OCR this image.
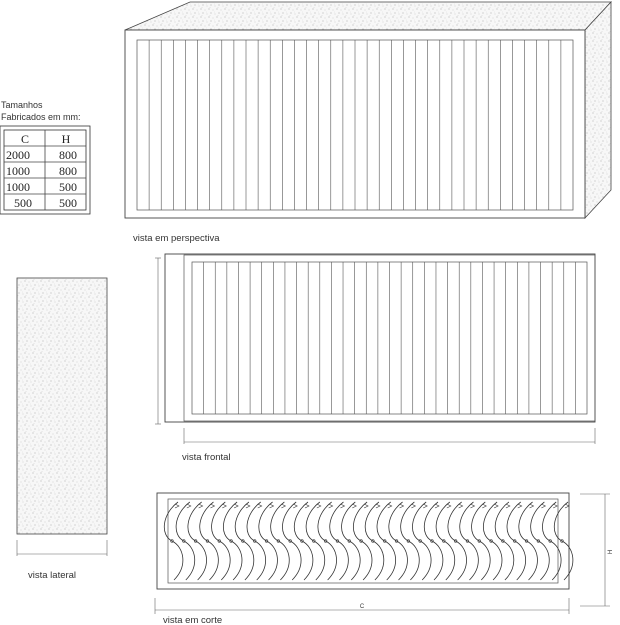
vista em perspectiva
Tamanhos
Fabricados em mm:
C	H
2000 800
1000 800
1000 500
500 500
vista frontal
vista lateral
H
C
vista em corte
